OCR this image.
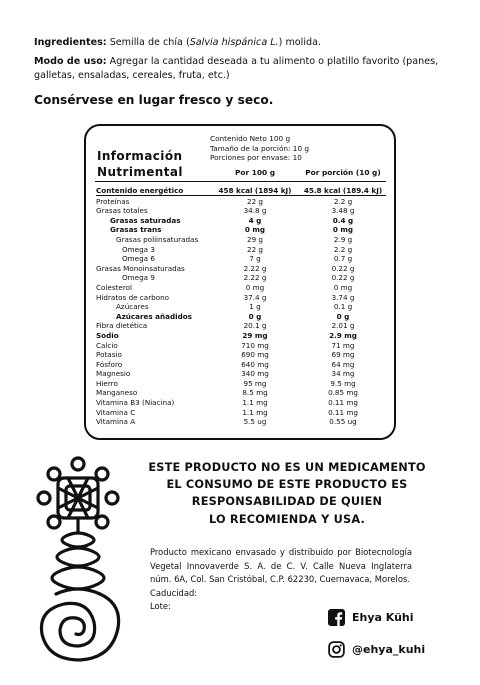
Ingredientes: Semilla de chía (Salvia hispánica L.) molida.

Modo de uso: Agregar la cantidad deseada a tu alimento o platillo favorito (panes, galletas, ensaladas, cereales, fruta, etc.)

Consérvese en lugar fresco y seco.
Información
Nutrimental
Contenido Neto 100 g
Tamaño de la porción: 10 g
Porciones por envase: 10
Por 100 g	Por porción (10 g)
Contenido energético	458 kcal (1894 kJ)	45.8 kcal (189.4 kJ)
Proteínas	22 g	2.2 g
Grasas totales	34.8 g	3.48 g
Grasas saturadas	4 g	0.4 g
Grasas trans	0 mg	0 mg
Grasas poliinsaturadas	29 g	2.9 g
Omega 3	22 g	2.2 g
Omega 6	7 g	0.7 g
Grasas Monoinsaturadas	2.22 g	0.22 g
Omega 9	2.22 g	0.22 g
Colesterol	0 mg	0 mg
Hidratos de carbono	37.4 g	3.74 g
Azúcares	1 g	0.1 g
Azúcares añadidos	0 g	0 g
Fibra dietética	20.1 g	2.01 g
Sodio	29 mg	2.9 mg
Calcio	710 mg	71 mg
Potasio	690 mg	69 mg
Fósforo	640 mg	64 mg
Magnesio	340 mg	34 mg
Hierro	95 mg	9.5 mg
Manganeso	8.5 mg	0.85 mg
Vitamina B3 (Niacina)	1.1 mg	0.11 mg
Vitamina C	1.1 mg	0.11 mg
Vitamina A	5.5 ug	0.55 ug
ESTE PRODUCTO NO ES UN MEDICAMENTO
EL CONSUMO DE ESTE PRODUCTO ES
RESPONSABILIDAD DE QUIEN
LO RECOMIENDA Y USA.
Producto mexicano envasado y distribuido por Biotecnología Vegetal Innovaverde S. A. de C. V. Calle Nueva Inglaterra núm. 6A, Col. San Cristóbal, C.P. 62230, Cuernavaca, Morelos.
Caducidad:
Lote:
Ehya Kühi
@ehya_kuhi
